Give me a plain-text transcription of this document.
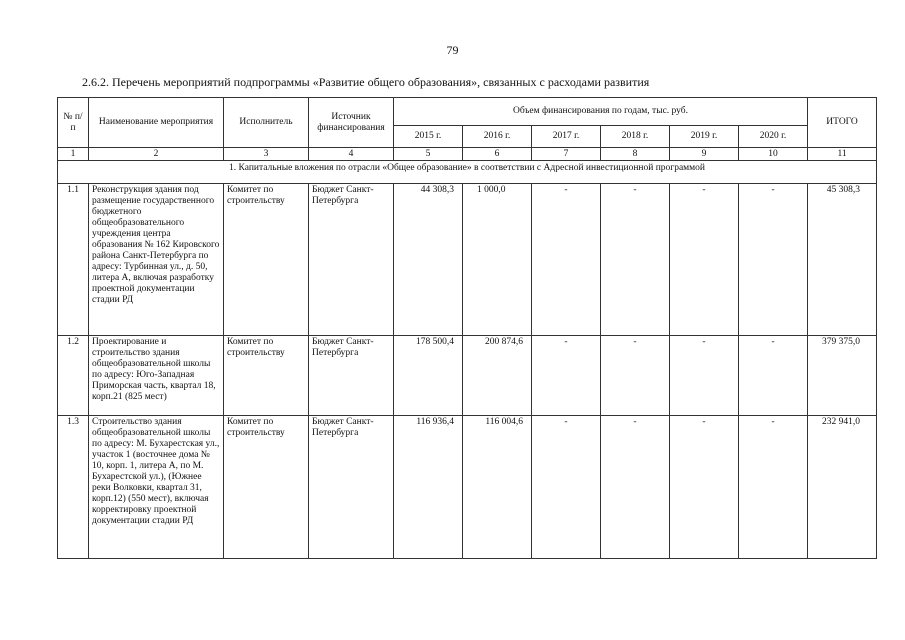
79
2.6.2. Перечень мероприятий подпрограммы «Развитие общего образования», связанных с расходами развития
№ п/п	Наименование мероприятия	Исполнитель	Источник финансирования	Объем финансирования по годам, тыс. руб.						ИТОГО
				2015 г.	2016 г.	2017 г.	2018 г.	2019 г.	2020 г.	
1	2	3	4	5	6	7	8	9	10	11
1. Капитальные вложения по отрасли «Общее образование» в соответствии с Адресной инвестиционной программой										
1.1	Реконструкция здания под размещение государственного бюджетного общеобразовательного учреждения центра образования № 162 Кировского района Санкт-Петербурга по адресу: Турбинная ул., д. 50, литера А, включая разработку проектной документации стадии РД	Комитет по строительству	Бюджет Санкт-Петербурга	44 308,3	1 000,0	-	-	-	-	45 308,3
1.2	Проектирование и строительство здания общеобразовательной школы по адресу: Юго-Западная Приморская часть, квартал 18, корп.21 (825 мест)	Комитет по строительству	Бюджет Санкт-Петербурга	178 500,4	200 874,6	-	-	-	-	379 375,0
1.3	Строительство здания общеобразовательной школы по адресу: М. Бухарестская ул., участок 1 (восточнее дома № 10, корп. 1, литера А, по М. Бухарестской ул.), (Южнее реки Волковки, квартал 31, корп.12) (550 мест), включая корректировку проектной документации стадии РД	Комитет по строительству	Бюджет Санкт-Петербурга	116 936,4	116 004,6	-	-	-	-	232 941,0
